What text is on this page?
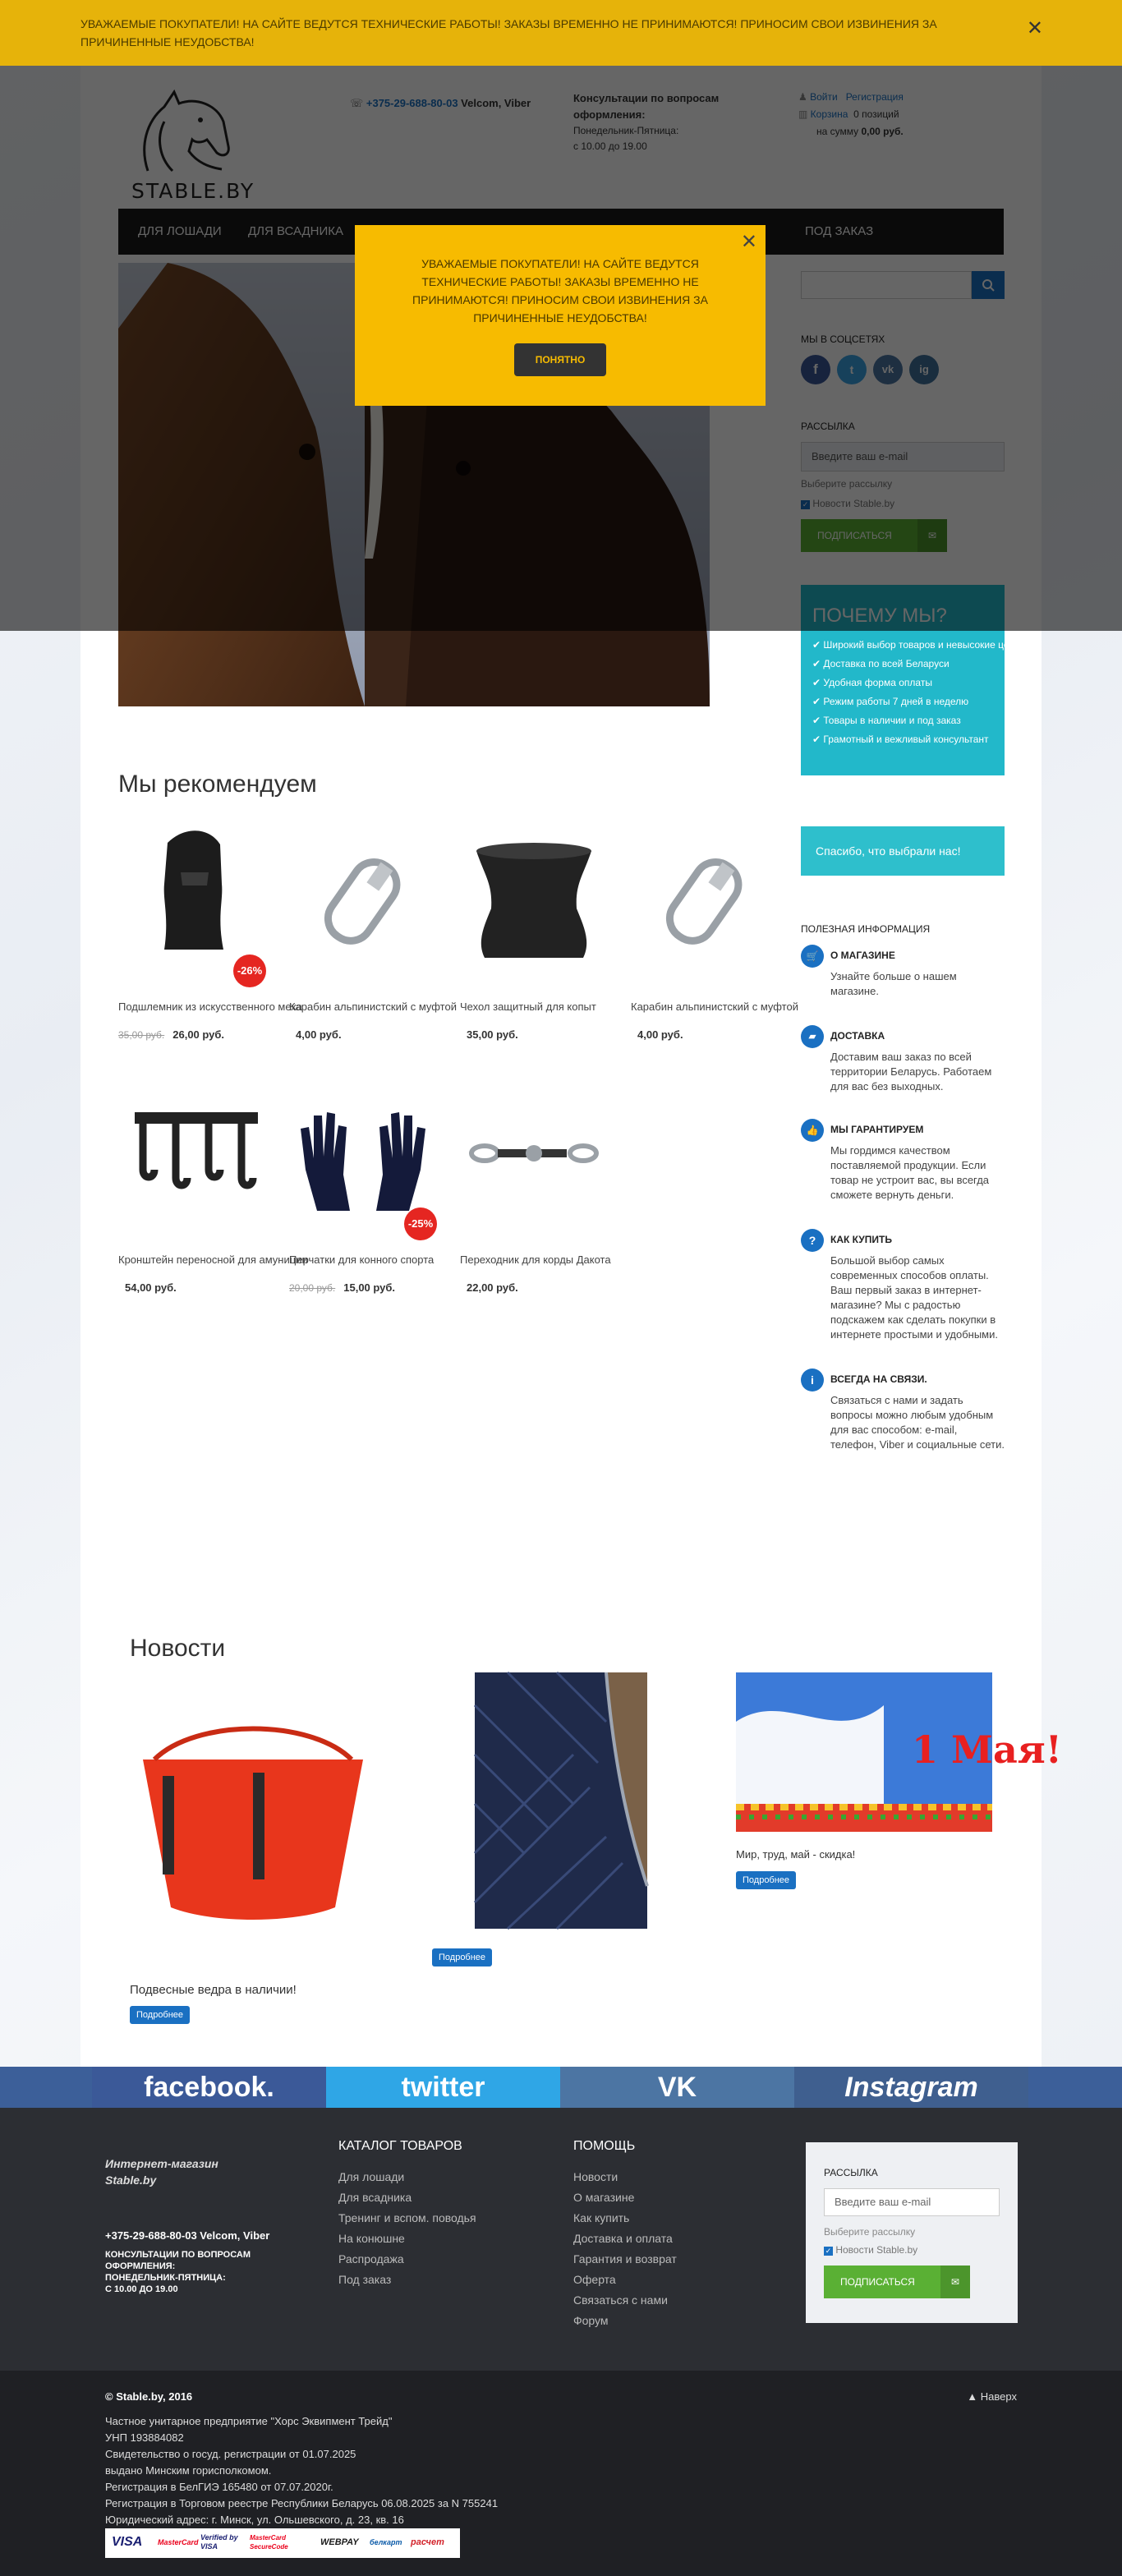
УВАЖАЕМЫЕ ПОКУПАТЕЛИ! НА САЙТЕ ВЕДУТСЯ ТЕХНИЧЕСКИЕ РАБОТЫ! ЗАКАЗЫ ВРЕМЕННО НЕ ПРИНИМАЮТСЯ! ПРИНОСИМ СВОИ ИЗВИНЕНИЯ ЗА ПРИЧИНЕННЫЕ НЕУДОБСТВА!
✕

✔ Широкий выбор товаров и невысокие цены
✔ Доставка по всей Беларуси
✔ Удобная форма оплаты
✔ Режим работы 7 дней в неделю
✔ Товары в наличии и под заказ
✔ Грамотный и вежливый консультант
Спасибо, что выбрали нас!
ПОЛЕЗНАЯ ИНФОРМАЦИЯ
🛒	О МАГАЗИНЕ
Узнайте больше о нашем магазине.
▰	ДОСТАВКА
Доставим ваш заказ по всей территории Беларусь. Работаем для вас без выходных.
👍	МЫ ГАРАНТИРУЕМ
Мы гордимся качеством поставляемой продукции. Если товар не устроит вас, вы всегда сможете вернуть деньги.
?	КАК КУПИТЬ
Большой выбор самых современных способов оплаты. Ваш первый заказ в интернет-магазине? Мы с радостью подскажем как сделать покупки в интернете простыми и удобными.
i	ВСЕГДА НА СВЯЗИ.
Связаться с нами и задать вопросы можно любым удобным для вас способом: e-mail, телефон, Viber и социальные сети.
Мы рекомендуем
-26%
Подшлемник из искусственного меха
35,00 руб. 26,00 руб.
Карабин альпинистский с муфтой
4,00 руб.
Чехол защитный для копыт
35,00 руб.
Карабин альпинистский с муфтой
4,00 руб.
Кронштейн переносной для амуниции
54,00 руб.
-25%
Перчатки для конного спорта
20,00 руб. 15,00 руб.
Переходник для корды Дакота
22,00 руб.
Новости
Подвесные ведра в наличии!
Подробнее
Подробнее
1 Мая!
Мир, труд, май - скидка!
Подробнее
✕
УВАЖАЕМЫЕ ПОКУПАТЕЛИ! НА САЙТЕ ВЕДУТСЯ ТЕХНИЧЕСКИЕ РАБОТЫ! ЗАКАЗЫ ВРЕМЕННО НЕ ПРИНИМАЮТСЯ! ПРИНОСИМ СВОИ ИЗВИНЕНИЯ ЗА ПРИЧИНЕННЫЕ НЕУДОБСТВА!
ПОНЯТНО
facebook.	twitter	VK	Instagram
Интернет-магазин Stable.by
+375-29-688-80-03 Velcom, Viber
КОНСУЛЬТАЦИИ ПО ВОПРОСАМ ОФОРМЛЕНИЯ:
ПОНЕДЕЛЬНИК-ПЯТНИЦА:
С 10.00 ДО 19.00
КАТАЛОГ ТОВАРОВ
Для лошади
Для всадника
Тренинг и вспом. поводья
На конюшне
Распродажа
Под заказ
ПОМОЩЬ
Новости
О магазине
Как купить
Доставка и оплата
Гарантия и возврат
Оферта
Связаться с нами
Форум
РАССЫЛКА
Введите ваш e-mail
Выберите рассылку
✓ Новости Stable.by
ПОДПИСАТЬСЯ	✉
© Stable.by, 2016	▲ Наверх
Частное унитарное предприятие "Хорс Эквипмент Трейд"
УНП 193884082
Свидетельство о госуд. регистрации от 01.07.2025
выдано Минским горисполкомом.
Регистрация в БелГИЭ 165480 от 07.07.2020г.
Регистрация в Торговом реестре Республики Беларусь 06.08.2025 за N 755241
Юридический адрес: г. Минск, ул. Ольшевского, д. 23, кв. 16
VISA MasterCard
Verified by VISA
MasterCard SecureCode	WEBPAY белкарт расчет
